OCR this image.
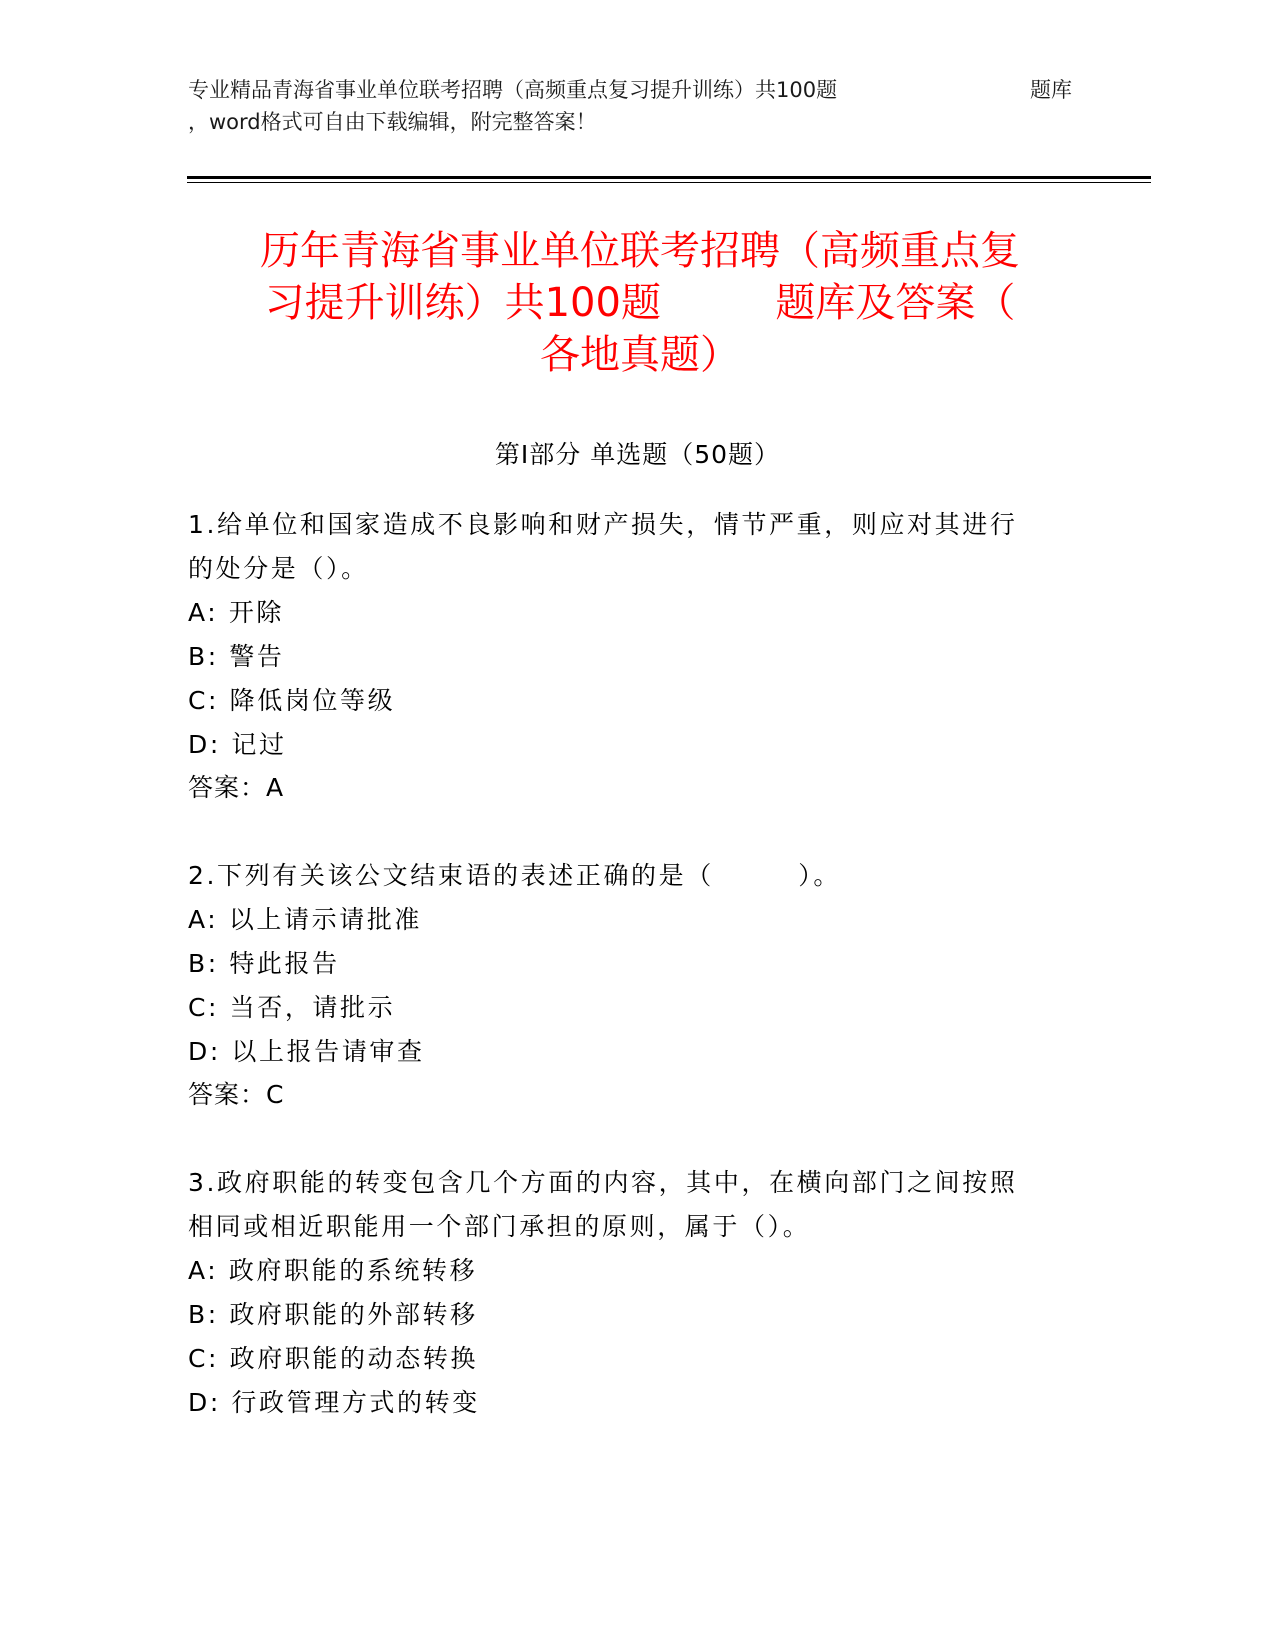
专业精品青海省事业单位联考招聘（高频重点复习提升训练）共100题	题库
，word格式可自由下载编辑，附完整答案！
历年青海省事业单位联考招聘（高频重点复
习提升训练）共100题         题库及答案（
各地真题）
第Ⅰ部分 单选题（50题）
1.给单位和国家造成不良影响和财产损失，情节严重，则应对其进行
的处分是（）。
A: 开除
B: 警告
C: 降低岗位等级
D: 记过
答案：A
2.下列有关该公文结束语的表述正确的是（        ）。
A: 以上请示请批准
B: 特此报告
C: 当否，请批示
D: 以上报告请审查
答案：C
3.政府职能的转变包含几个方面的内容，其中，在横向部门之间按照
相同或相近职能用一个部门承担的原则，属于（）。
A: 政府职能的系统转移
B: 政府职能的外部转移
C: 政府职能的动态转换
D: 行政管理方式的转变
